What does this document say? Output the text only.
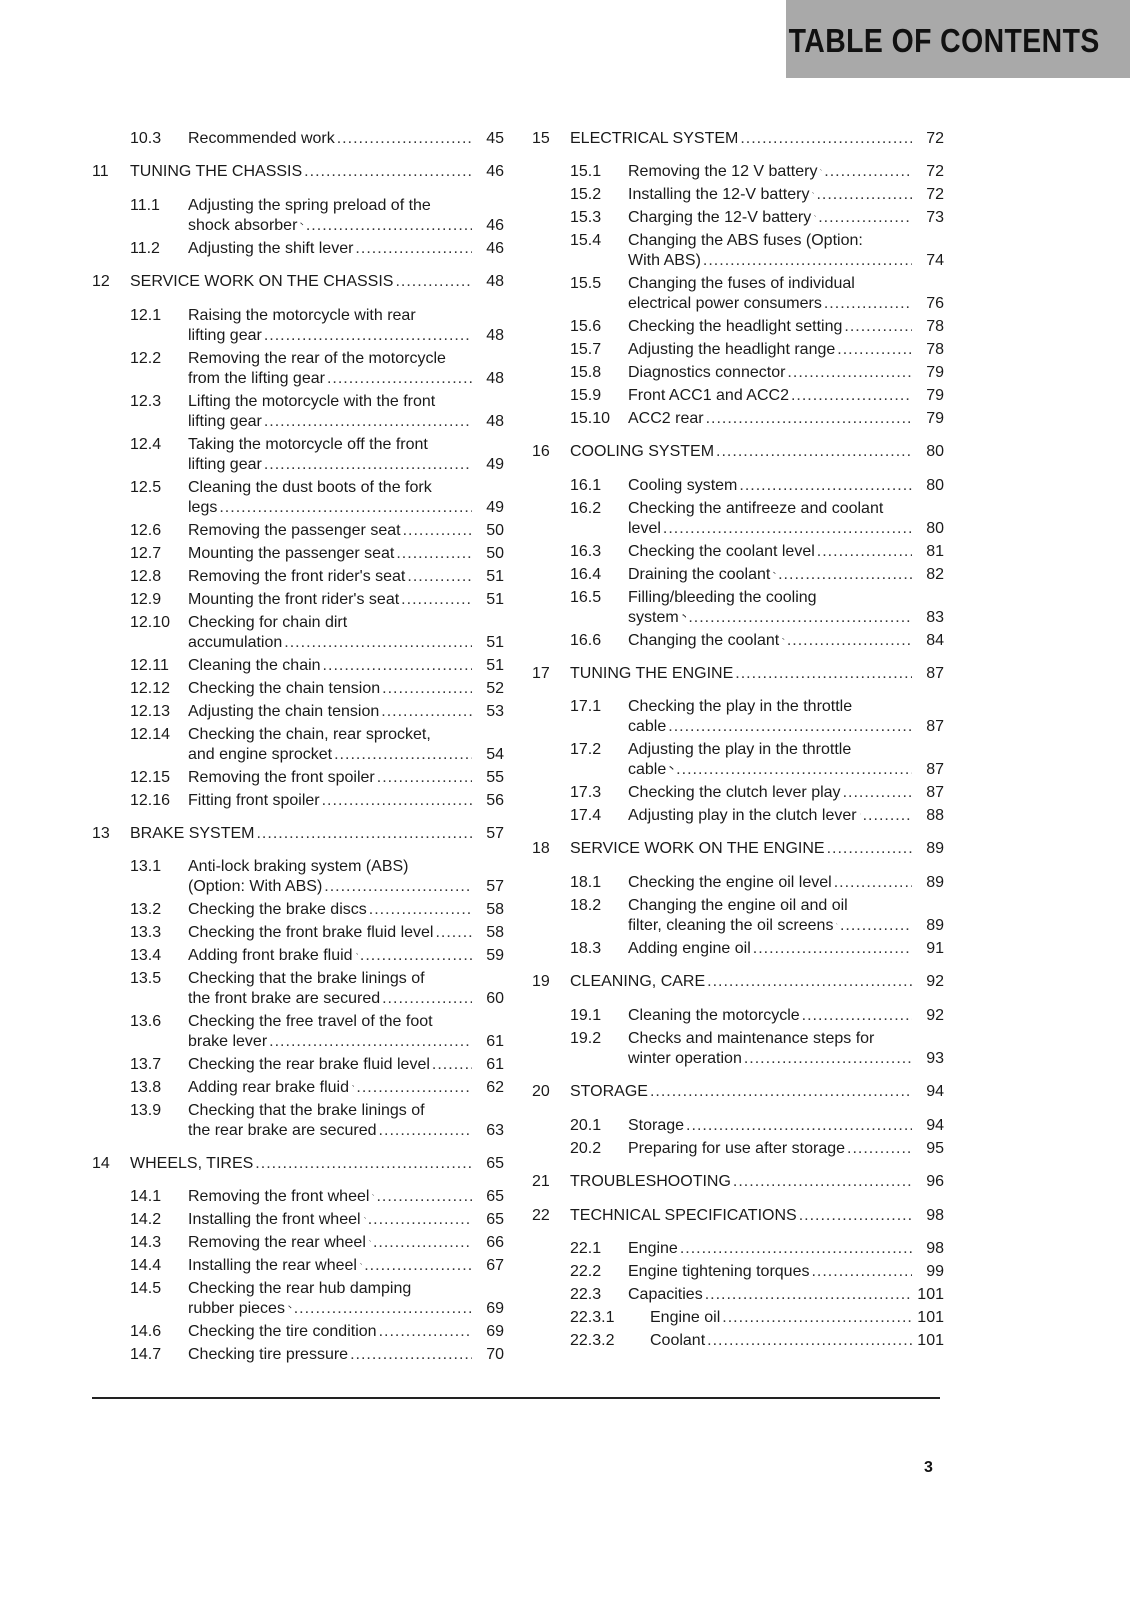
TABLE OF CONTENTS
10.3 Recommended work .....	45
11 TUNING THE CHASSIS .....	46
11.1 Adjusting the spring preload of the
shock absorber .....	46
11.2 Adjusting the shift lever .....	46
12 SERVICE WORK ON THE CHASSIS .....	48
12.1 Raising the motorcycle with rear
lifting gear .....	48
12.2 Removing the rear of the motorcycle
from the lifting gear .....	48
12.3 Lifting the motorcycle with the front
lifting gear .....	48
12.4 Taking the motorcycle off the front
lifting gear .....	49
12.5 Cleaning the dust boots of the fork
legs .....	49
12.6 Removing the passenger seat .....	50
12.7 Mounting the passenger seat .....	50
12.8 Removing the front rider's seat .....	51
12.9 Mounting the front rider's seat .....	51
12.10 Checking for chain dirt
accumulation .....	51
12.11 Cleaning the chain .....	51
12.12 Checking the chain tension .....	52
12.13 Adjusting the chain tension .....	53
12.14 Checking the chain, rear sprocket,
and engine sprocket .....	54
12.15 Removing the front spoiler .....	55
12.16 Fitting front spoiler .....	56
13 BRAKE SYSTEM .....	57
13.1 Anti-lock braking system (ABS)
(Option: With ABS) .....	57
13.2 Checking the brake discs .....	58
13.3 Checking the front brake fluid level .....	58
13.4 Adding front brake fluid .....	59
13.5 Checking that the brake linings of
the front brake are secured .....	60
13.6 Checking the free travel of the foot
brake lever .....	61
13.7 Checking the rear brake fluid level .....	61
13.8 Adding rear brake fluid .....	62
13.9 Checking that the brake linings of
the rear brake are secured .....	63
14 WHEELS, TIRES .....	65
14.1 Removing the front wheel .....	65
14.2 Installing the front wheel .....	65
14.3 Removing the rear wheel .....	66
14.4 Installing the rear wheel .....	67
14.5 Checking the rear hub damping
rubber pieces .....	69
14.6 Checking the tire condition .....	69
14.7 Checking tire pressure .....	70
15 ELECTRICAL SYSTEM .....	72
15.1 Removing the 12 V battery .....	72
15.2 Installing the 12-V battery .....	72
15.3 Charging the 12-V battery .....	73
15.4 Changing the ABS fuses (Option:
With ABS) .....	74
15.5 Changing the fuses of individual
electrical power consumers .....	76
15.6 Checking the headlight setting .....	78
15.7 Adjusting the headlight range .....	78
15.8 Diagnostics connector .....	79
15.9 Front ACC1 and ACC2 .....	79
15.10 ACC2 rear .....	79
16 COOLING SYSTEM .....	80
16.1 Cooling system .....	80
16.2 Checking the antifreeze and coolant
level .....	80
16.3 Checking the coolant level .....	81
16.4 Draining the coolant .....	82
16.5 Filling/bleeding the cooling
system .....	83
16.6 Changing the coolant .....	84
17 TUNING THE ENGINE .....	87
17.1 Checking the play in the throttle
cable .....	87
17.2 Adjusting the play in the throttle
cable .....	87
17.3 Checking the clutch lever play .....	87
17.4 Adjusting play in the clutch lever .....	88
18 SERVICE WORK ON THE ENGINE .....	89
18.1 Checking the engine oil level .....	89
18.2 Changing the engine oil and oil
filter, cleaning the oil screens .....	89
18.3 Adding engine oil .....	91
19 CLEANING, CARE .....	92
19.1 Cleaning the motorcycle .....	92
19.2 Checks and maintenance steps for
winter operation .....	93
20 STORAGE .....	94
20.1 Storage .....	94
20.2 Preparing for use after storage .....	95
21 TROUBLESHOOTING .....	96
22 TECHNICAL SPECIFICATIONS .....	98
22.1 Engine .....	98
22.2 Engine tightening torques .....	99
22.3 Capacities .....	101
22.3.1 Engine oil .....	101
22.3.2 Coolant .....	101
3
